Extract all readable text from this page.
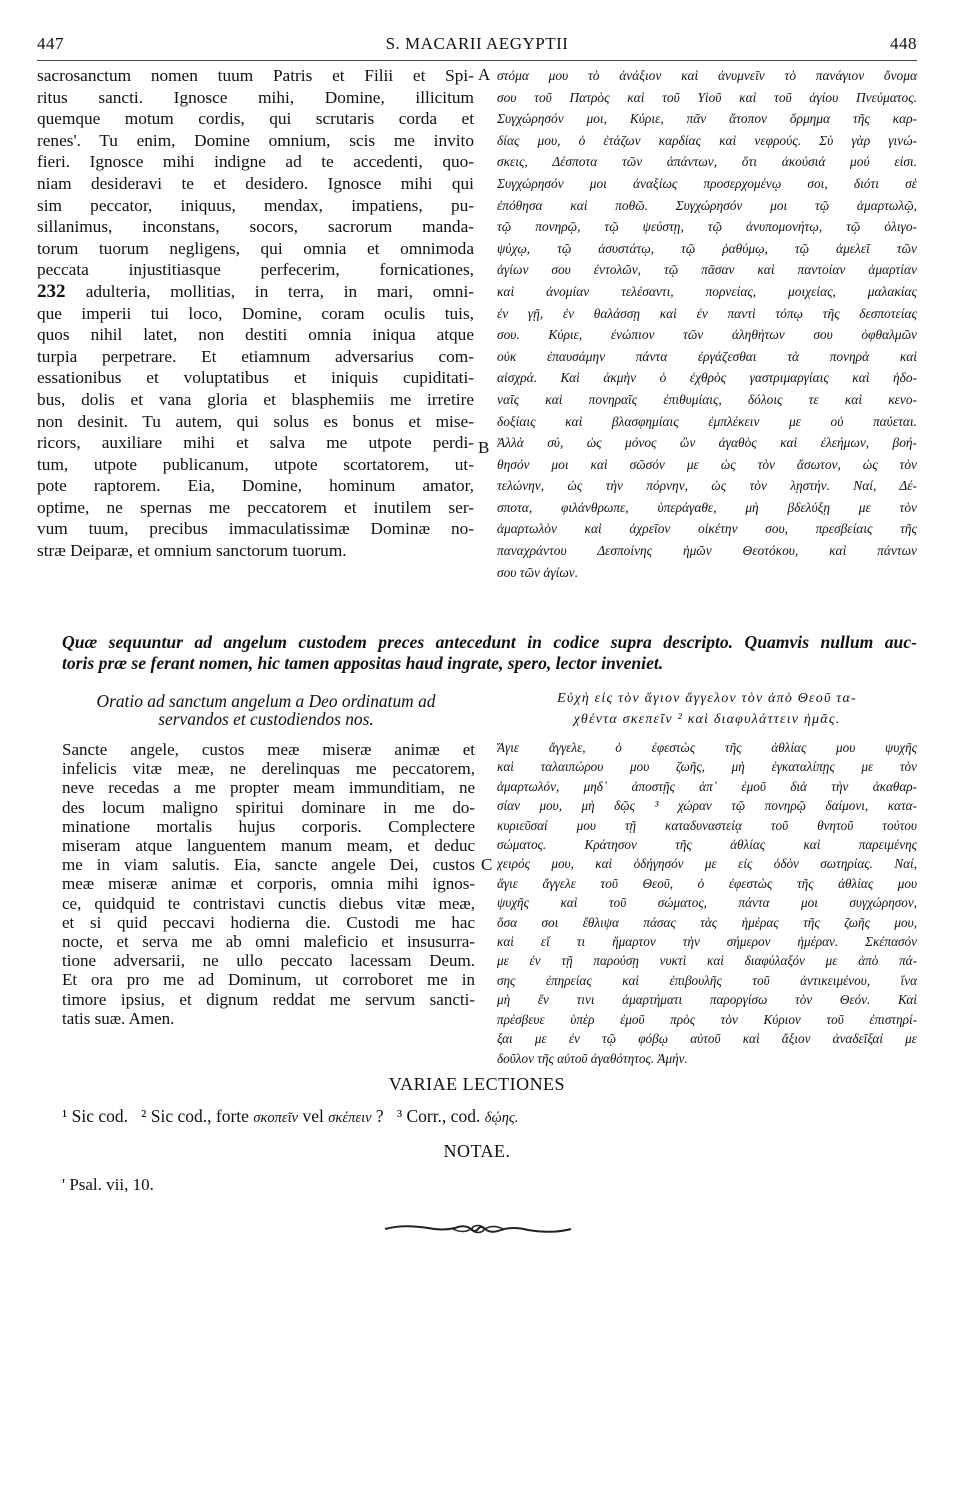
447	S. MACARII AEGYPTII	448
sacrosanctum nomen tuum Patris et Filii et Spi-
ritus sancti. Ignosce mihi, Domine, illicitum
quemque motum cordis, qui scrutaris corda et
renes'. Tu enim, Domine omnium, scis me invito
fieri. Ignosce mihi indigne ad te accedenti, quo-
niam desideravi te et desidero. Ignosce mihi qui
sim peccator, iniquus, mendax, impatiens, pu-
sillanimus, inconstans, socors, sacrorum manda-
torum tuorum negligens, qui omnia et omnimoda
peccata injustitiasque perfecerim, fornicationes,
232 adulteria, mollitias, in terra, in mari, omni-
que imperii tui loco, Domine, coram oculis tuis,
quos nihil latet, non destiti omnia iniqua atque
turpia perpetrare. Et etiamnum adversarius com-
essationibus et voluptatibus et iniquis cupiditati-
bus, dolis et vana gloria et blasphemiis me irretire
non desinit. Tu autem, qui solus es bonus et mise-
ricors, auxiliare mihi et salva me utpote perdi-
tum, utpote publicanum, utpote scortatorem, ut-
pote raptorem. Eia, Domine, hominum amator,
optime, ne spernas me peccatorem et inutilem ser-
vum tuum, precibus immaculatissimæ Dominæ no-
stræ Deiparæ, et omnium sanctorum tuorum.
A
B
στόμα μου τὸ ἀνάξιον καὶ ἀνυμνεῖν τὸ πανάγιον ὄνομα
σου τοῦ Πατρὸς καὶ τοῦ Υἱοῦ καὶ τοῦ ἁγίου Πνεύματος.
Συγχώρησόν μοι, Κύριε, πᾶν ἄτοπον ὅρμημα τῆς καρ-
δίας μου, ὁ ἐτάζων καρδίας καὶ νεφρούς. Σὺ γὰρ γινώ-
σκεις, Δέσποτα τῶν ἁπάντων, ὅτι ἀκούσιά μού εἰσι.
Συγχώρησόν μοι ἀναξίως προσερχομένῳ σοι, διότι σὲ
ἐπόθησα καὶ ποθῶ. Συγχώρησόν μοι τῷ ἁμαρτωλῷ,
τῷ πονηρῷ, τῷ ψεύστῃ, τῷ ἀνυπομονήτῳ, τῷ ὀλιγο-
ψύχῳ, τῷ ἀσυστάτῳ, τῷ ῥαθύμῳ, τῷ ἀμελεῖ τῶν
ἁγίων σου ἐντολῶν, τῷ πᾶσαν καὶ παντοίαν ἁμαρτίαν
καὶ ἀνομίαν τελέσαντι, πορνείας, μοιχείας, μαλακίας
ἐν γῇ, ἐν θαλάσσῃ καὶ ἐν παντὶ τόπῳ τῆς δεσποτείας
σου. Κύριε, ἐνώπιον τῶν ἀληθήτων σου ὀφθαλμῶν
οὐκ ἐπαυσάμην πάντα ἐργάζεσθαι τὰ πονηρὰ καὶ
αἰσχρά. Καὶ ἀκμὴν ὁ ἐχθρὸς γαστριμαργίαις καὶ ἡδο-
ναῖς καὶ πονηραῖς ἐπιθυμίαις, δόλοις τε καὶ κενο-
δοξίαις καὶ βλασφημίαις ἐμπλέκειν με οὐ παύεται.
Ἀλλὰ σύ, ὡς μόνος ὢν ἀγαθὸς καὶ ἐλεήμων, βοή-
θησόν μοι καὶ σῶσόν με ὡς τὸν ἄσωτον, ὡς τὸν
τελώνην, ὡς τὴν πόρνην, ὡς τὸν λῃστήν. Ναί, Δέ-
σποτα, φιλάνθρωπε, ὑπεράγαθε, μὴ βδελύξῃ με τὸν
ἁμαρτωλὸν καὶ ἀχρεῖον οἰκέτην σου, πρεσβείαις τῆς
παναχράντου Δεσποίνης ἡμῶν Θεοτόκου, καὶ πάντων
σου τῶν ἁγίων.
Quæ sequuntur ad angelum custodem preces antecedunt in codice supra descripto. Quamvis nullum auc-
toris præ se ferant nomen, hic tamen appositas haud ingrate, spero, lector inveniet.
Oratio ad sanctum angelum a Deo ordinatum ad
servandos et custodiendos nos.
Εὐχὴ εἰς τὸν ἅγιον ἄγγελον τὸν ἀπὸ Θεοῦ τα-
χθέντα σκεπεῖν ² καὶ διαφυλάττειν ἡμᾶς.
Sancte angele, custos meæ miseræ animæ et
infelicis vitæ meæ, ne derelinquas me peccatorem,
neve recedas a me propter meam immunditiam, ne
des locum maligno spiritui dominare in me do-
minatione mortalis hujus corporis. Complectere
miseram atque languentem manum meam, et deduc
me in viam salutis. Eia, sancte angele Dei, custos
meæ miseræ animæ et corporis, omnia mihi ignos-
ce, quidquid te contristavi cunctis diebus vitæ meæ,
et si quid peccavi hodierna die. Custodi me hac
nocte, et serva me ab omni maleficio et insusurra-
tione adversarii, ne ullo peccato lacessam Deum.
Et ora pro me ad Dominum, ut corroboret me in
timore ipsius, et dignum reddat me servum sancti-
tatis suæ. Amen.
C
Ἄγιε ἄγγελε, ὁ ἐφεστὼς τῆς ἀθλίας μου ψυχῆς
καὶ ταλαιπώρου μου ζωῆς, μὴ ἐγκαταλίπῃς με τὸν
ἁμαρτωλόν, μηδ᾽ ἀποστῇς ἀπ᾽ ἐμοῦ διὰ τὴν ἀκαθαρ-
σίαν μου, μὴ δῷς ³ χώραν τῷ πονηρῷ δαίμονι, κατα-
κυριεῦσαί μου τῇ καταδυναστείᾳ τοῦ θνητοῦ τούτου
σώματος. Κράτησον τῆς ἀθλίας καὶ παρειμένης
χειρός μου, καὶ ὁδήγησόν με εἰς ὁδὸν σωτηρίας. Ναί,
ἅγιε ἄγγελε τοῦ Θεοῦ, ὁ ἐφεστὼς τῆς ἀθλίας μου
ψυχῆς καὶ τοῦ σώματος, πάντα μοι συγχώρησον,
ὅσα σοι ἔθλιψα πάσας τὰς ἡμέρας τῆς ζωῆς μου,
καὶ εἴ τι ἥμαρτον τὴν σήμερον ἡμέραν. Σκέπασόν
με ἐν τῇ παρούσῃ νυκτὶ καὶ διαφύλαξόν με ἀπὸ πά-
σης ἐπηρείας καὶ ἐπιβουλῆς τοῦ ἀντικειμένου, ἵνα
μὴ ἔν τινι ἁμαρτήματι παροργίσω τὸν Θεόν. Καὶ
πρέσβευε ὑπὲρ ἐμοῦ πρὸς τὸν Κύριον τοῦ ἐπιστηρί-
ξαι με ἐν τῷ φόβῳ αὐτοῦ καὶ ἄξιον ἀναδεῖξαί με
δοῦλον τῆς αὐτοῦ ἀγαθότητος. Ἀμήν.
VARIAE LECTIONES
¹ Sic cod. ² Sic cod., forte σκοπεῖν vel σκέπειν ? ³ Corr., cod. δῴης.
NOTAE.
' Psal. vii, 10.
